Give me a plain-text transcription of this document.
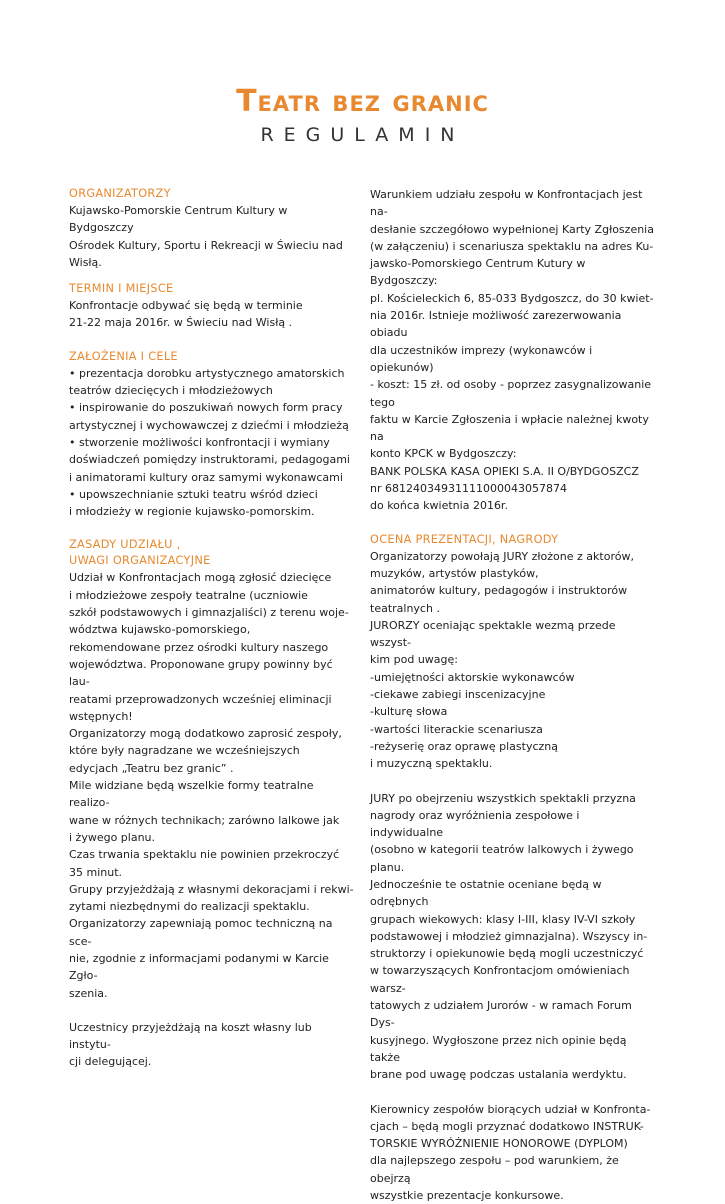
Teatr bez granic
REGULAMIN
ORGANIZATORZY
Kujawsko-Pomorskie Centrum Kultury w Bydgoszczy
Ośrodek Kultury, Sportu i Rekreacji w Świeciu nad
Wisłą.
TERMIN I MIEJSCE
Konfrontacje odbywać się będą w terminie
21-22 maja 2016r. w Świeciu nad Wisłą .
ZAŁOŻENIA I CELE
• prezentacja dorobku artystycznego amatorskich
teatrów dziecięcych i młodzieżowych
• inspirowanie do poszukiwań nowych form pracy
artystycznej i wychowawczej z dziećmi i młodzieżą
• stworzenie możliwości konfrontacji i wymiany
doświadczeń pomiędzy instruktorami, pedagogami
i animatorami kultury oraz samymi wykonawcami
• upowszechnianie sztuki teatru wśród dzieci
i młodzieży w regionie kujawsko-pomorskim.
ZASADY UDZIAŁU ,
UWAGI ORGANIZACYJNE
Udział w Konfrontacjach mogą zgłosić dziecięce
i młodzieżowe zespoły teatralne (uczniowie
szkół podstawowych i gimnazjaliści) z terenu woje-
wództwa kujawsko-pomorskiego,
rekomendowane przez ośrodki kultury naszego
województwa. Proponowane grupy powinny być lau-
reatami przeprowadzonych wcześniej eliminacji
wstępnych!
Organizatorzy mogą dodatkowo zaprosić zespoły,
które były nagradzane we wcześniejszych
edycjach „Teatru bez granic” .
Mile widziane będą wszelkie formy teatralne realizo-
wane w różnych technikach; zarówno lalkowe jak
i żywego planu.
Czas trwania spektaklu nie powinien przekroczyć
35 minut.
Grupy przyjeżdżają z własnymi dekoracjami i rekwi-
zytami niezbędnymi do realizacji spektaklu.
Organizatorzy zapewniają pomoc techniczną na sce-
nie, zgodnie z informacjami podanymi w Karcie Zgło-
szenia.
Uczestnicy przyjeżdżają na koszt własny lub instytu-
cji delegującej.
Warunkiem udziału zespołu w Konfrontacjach jest na-
desłanie szczegółowo wypełnionej Karty Zgłoszenia
(w załączeniu) i scenariusza spektaklu na adres Ku-
jawsko-Pomorskiego Centrum Kutury w Bydgoszczy:
pl. Kościeleckich 6, 85-033 Bydgoszcz, do 30 kwiet-
nia 2016r. Istnieje możliwość zarezerwowania obiadu
dla uczestników imprezy (wykonawców i opiekunów)
- koszt: 15 zł. od osoby - poprzez zasygnalizowanie tego
faktu w Karcie Zgłoszenia i wpłacie należnej kwoty na
konto KPCK w Bydgoszczy:
BANK POLSKA KASA OPIEKI S.A. II O/BYDGOSZCZ
nr 68124034931111000043057874
do końca kwietnia 2016r.
OCENA PREZENTACJI, NAGRODY
Organizatorzy powołają JURY złożone z aktorów,
muzyków, artystów plastyków,
animatorów kultury, pedagogów i instruktorów
teatralnych .
JURORZY oceniając spektakle wezmą przede wszyst-
kim pod uwagę:
-umiejętności aktorskie wykonawców
-ciekawe zabiegi inscenizacyjne
-kulturę słowa
-wartości literackie scenariusza
-reżyserię oraz oprawę plastyczną
i muzyczną spektaklu.
JURY po obejrzeniu wszystkich spektakli przyzna
nagrody oraz wyróżnienia zespołowe i indywidualne
(osobno w kategorii teatrów lalkowych i żywego planu.
Jednocześnie te ostatnie oceniane będą w odrębnych
grupach wiekowych: klasy I-III, klasy IV-VI szkoły
podstawowej i młodzież gimnazjalna). Wszyscy in-
struktorzy i opiekunowie będą mogli uczestniczyć
w towarzyszących Konfrontacjom omówieniach warsz-
tatowych z udziałem Jurorów - w ramach Forum Dys-
kusyjnego. Wygłoszone przez nich opinie będą także
brane pod uwagę podczas ustalania werdyktu.
Kierownicy zespołów biorących udział w Konfronta-
cjach – będą mogli przyznać dodatkowo INSTRUK-
TORSKIE WYRÓŻNIENIE HONOROWE (DYPLOM)
dla najlepszego zespołu – pod warunkiem, że obejrzą
wszystkie prezentacje konkursowe.
